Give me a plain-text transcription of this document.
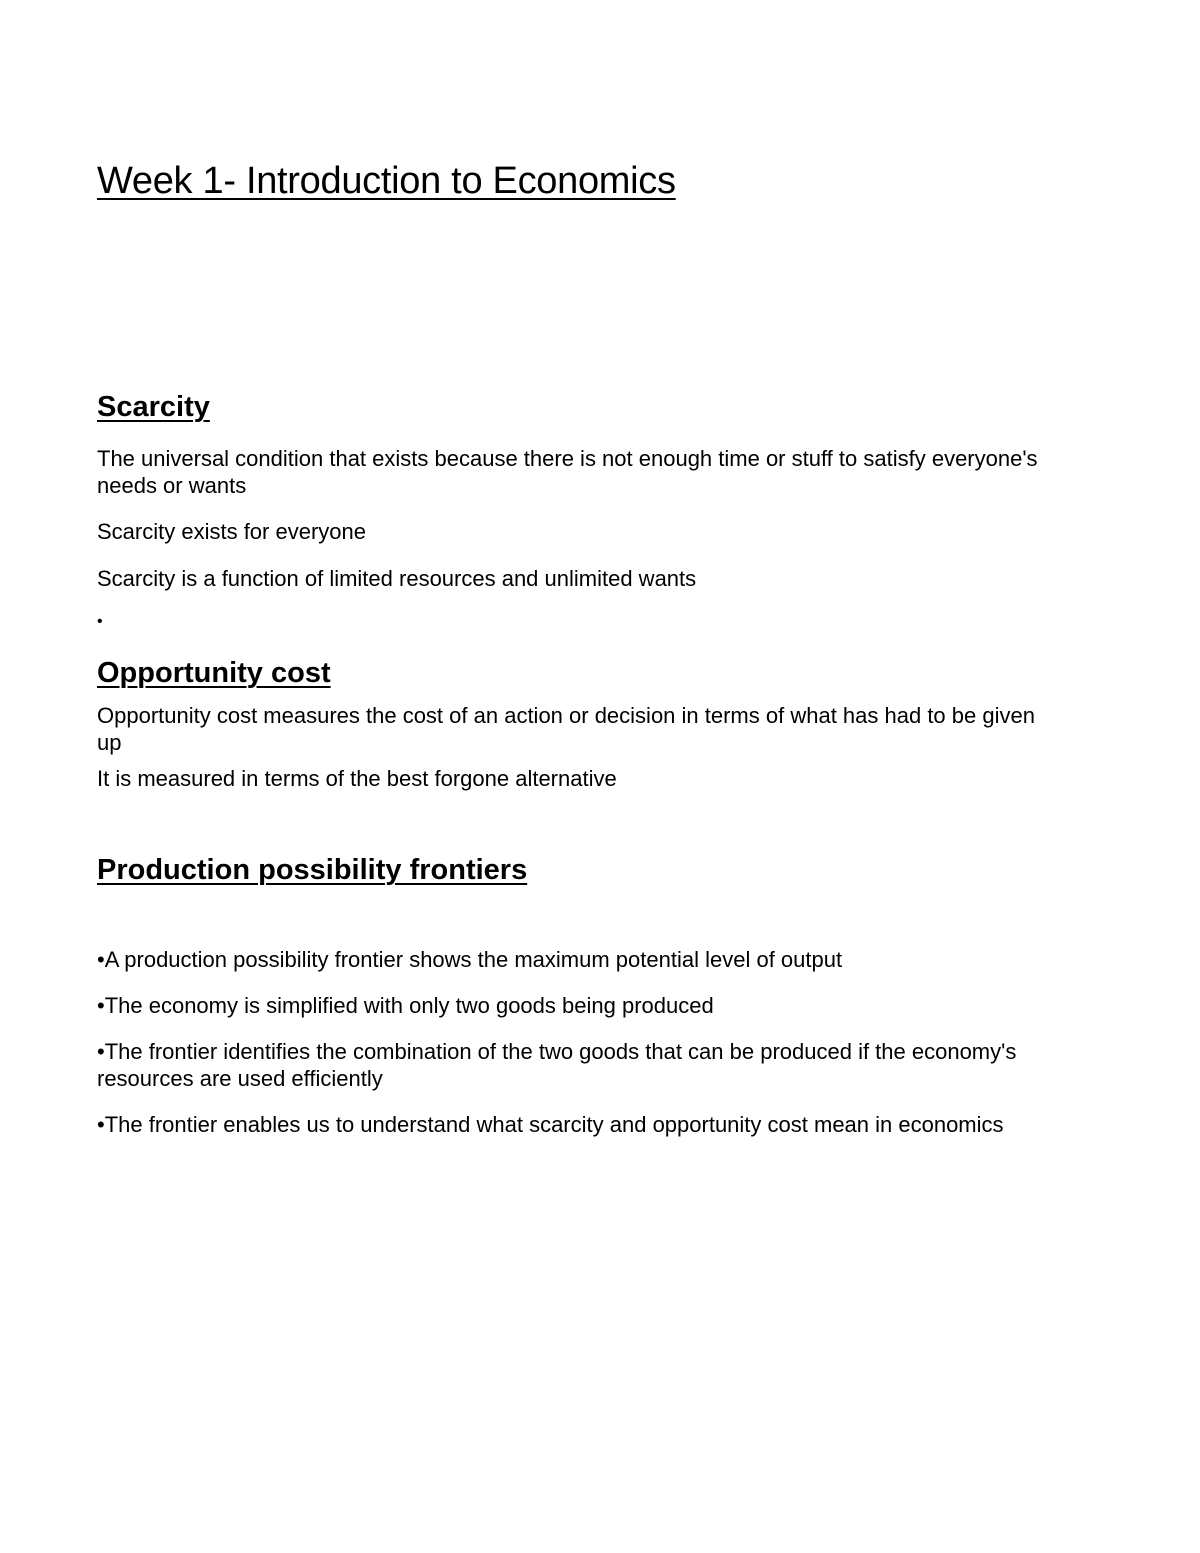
Week 1- Introduction to Economics
Scarcity

The universal condition that exists because there is not enough time or stuff to satisfy everyone's needs or wants

Scarcity exists for everyone

Scarcity is a function of limited resources and unlimited wants

•

Opportunity cost

Opportunity cost measures the cost of an action or decision in terms of what has had to be given up

It is measured in terms of the best forgone alternative

Production possibility frontiers

•A production possibility frontier shows the maximum potential level of output

•The economy is simplified with only two goods being produced

•The frontier identifies the combination of the two goods that can be produced if the economy's resources are used efficiently

•The frontier enables us to understand what scarcity and opportunity cost mean in economics
